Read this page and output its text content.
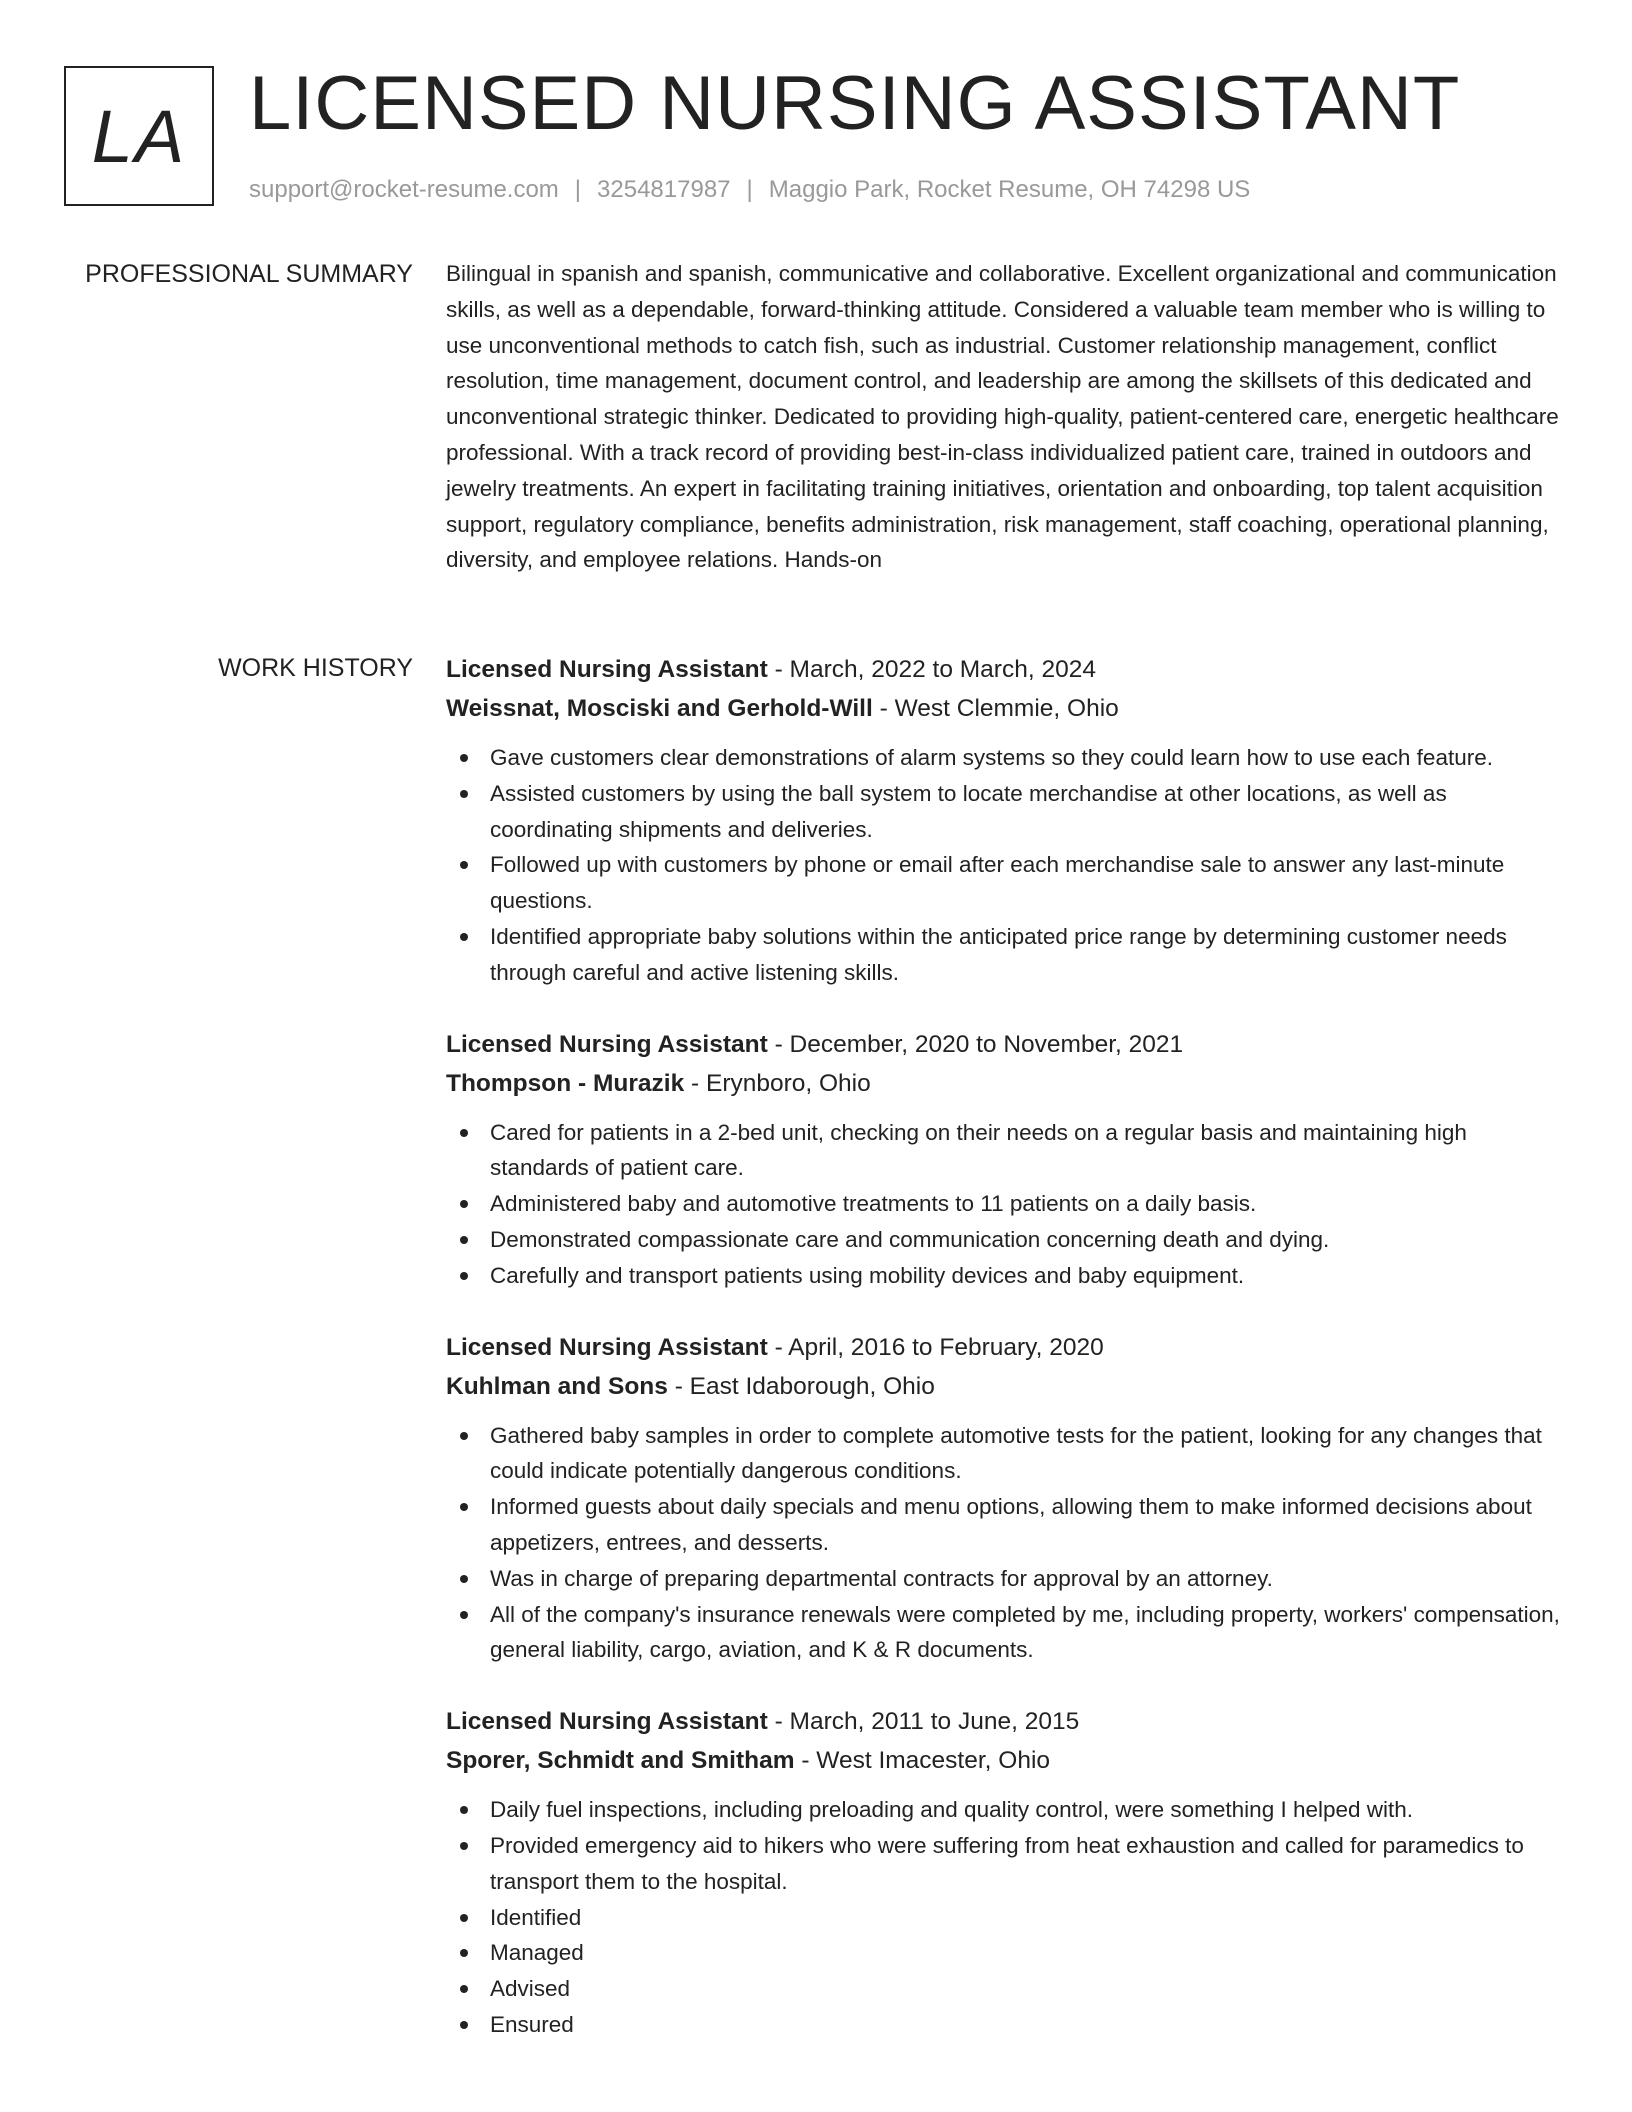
LA LICENSED NURSING ASSISTANT
support@rocket-resume.com | 3254817987 | Maggio Park, Rocket Resume, OH 74298 US
PROFESSIONAL SUMMARY Bilingual in spanish and spanish, communicative and collaborative. Excellent organizational and communication skills, as well as a dependable, forward-thinking attitude. Considered a valuable team member who is willing to use unconventional methods to catch fish, such as industrial. Customer relationship management, conflict resolution, time management, document control, and leadership are among the skillsets of this dedicated and unconventional strategic thinker. Dedicated to providing high-quality, patient-centered care, energetic healthcare professional. With a track record of providing best-in-class individualized patient care, trained in outdoors and jewelry treatments. An expert in facilitating training initiatives, orientation and onboarding, top talent acquisition support, regulatory compliance, benefits administration, risk management, staff coaching, operational planning, diversity, and employee relations. Hands-on

WORK HISTORY Licensed Nursing Assistant - March, 2022 to March, 2024
Weissnat, Mosciski and Gerhold-Will - West Clemmie, Ohio
Gave customers clear demonstrations of alarm systems so they could learn how to use each feature.
Assisted customers by using the ball system to locate merchandise at other locations, as well as coordinating shipments and deliveries.
Followed up with customers by phone or email after each merchandise sale to answer any last-minute questions.
Identified appropriate baby solutions within the anticipated price range by determining customer needs through careful and active listening skills.
Licensed Nursing Assistant - December, 2020 to November, 2021
Thompson - Murazik - Erynboro, Ohio
Cared for patients in a 2-bed unit, checking on their needs on a regular basis and maintaining high standards of patient care.
Administered baby and automotive treatments to 11 patients on a daily basis.
Demonstrated compassionate care and communication concerning death and dying.
Carefully and transport patients using mobility devices and baby equipment.
Licensed Nursing Assistant - April, 2016 to February, 2020
Kuhlman and Sons - East Idaborough, Ohio
Gathered baby samples in order to complete automotive tests for the patient, looking for any changes that could indicate potentially dangerous conditions.
Informed guests about daily specials and menu options, allowing them to make informed decisions about appetizers, entrees, and desserts.
Was in charge of preparing departmental contracts for approval by an attorney.
All of the company's insurance renewals were completed by me, including property, workers' compensation, general liability, cargo, aviation, and K & R documents.
Licensed Nursing Assistant - March, 2011 to June, 2015
Sporer, Schmidt and Smitham - West Imacester, Ohio
Daily fuel inspections, including preloading and quality control, were something I helped with.
Provided emergency aid to hikers who were suffering from heat exhaustion and called for paramedics to transport them to the hospital.
Identified
Managed
Advised
Ensured
